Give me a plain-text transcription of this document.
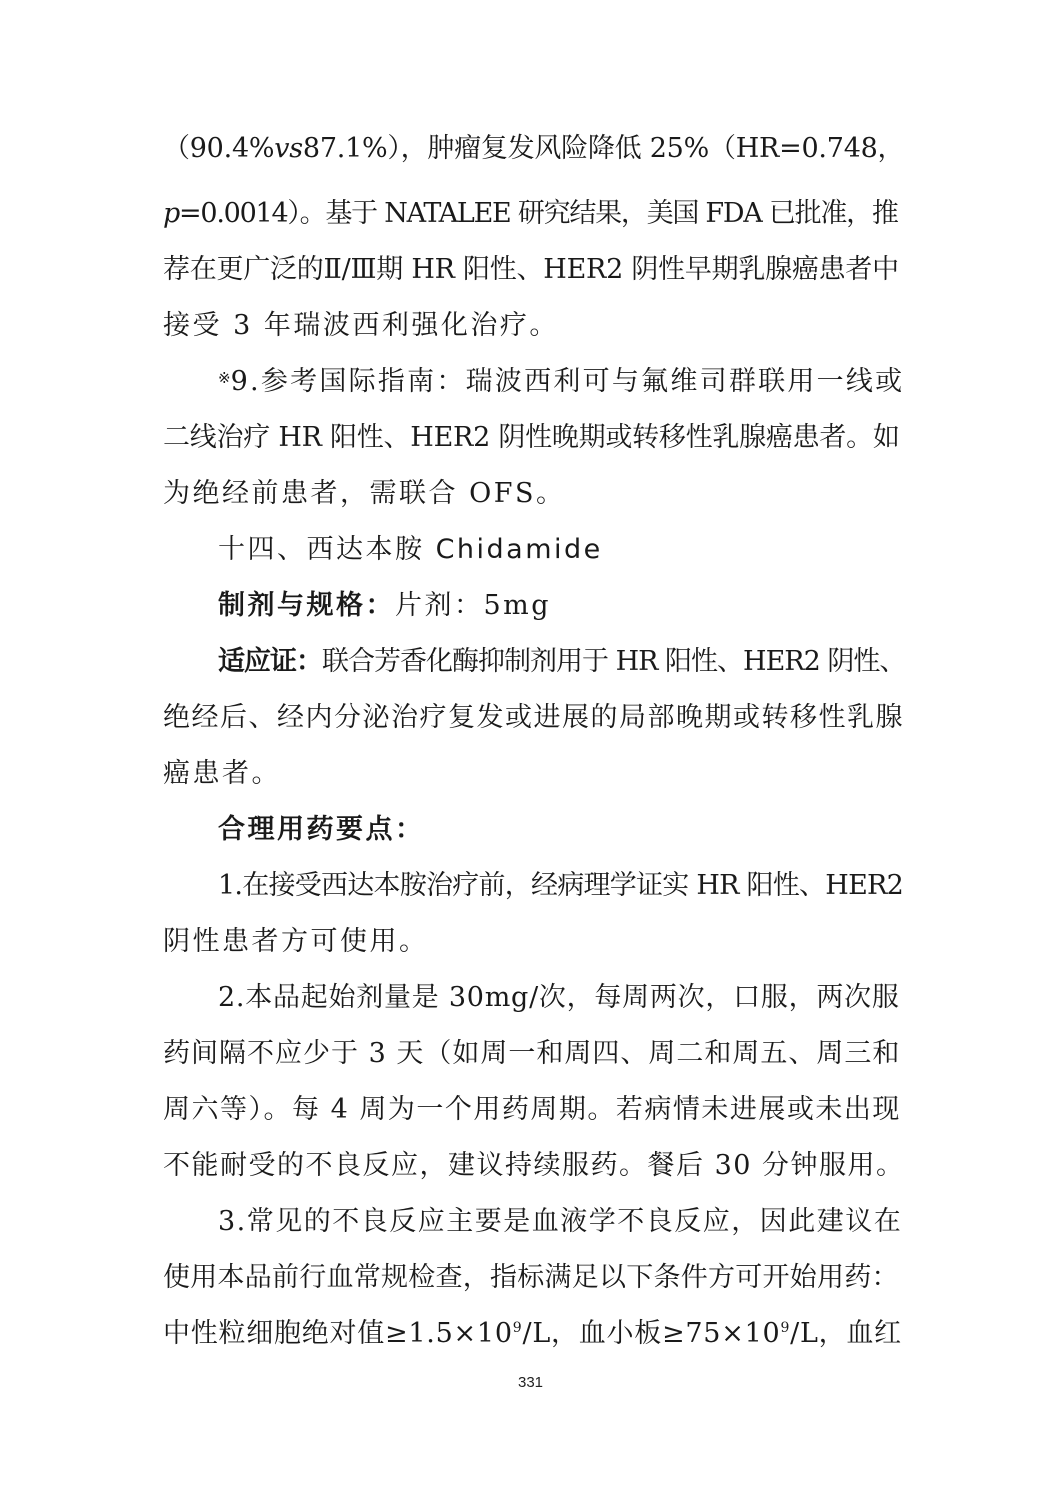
（90.4%vs87.1%），肿瘤复发风险降低 25%（HR=0.748，
p=0.0014）。基于 NATALEE 研究结果，美国 FDA 已批准，推
荐在更广泛的Ⅱ/Ⅲ期 HR 阳性、HER2 阴性早期乳腺癌患者中
接受 3 年瑞波西利强化治疗。
※9.参考国际指南：瑞波西利可与氟维司群联用一线或
二线治疗 HR 阳性、HER2 阴性晚期或转移性乳腺癌患者。如
为绝经前患者，需联合 OFS。
十四、西达本胺 Chidamide
制剂与规格：片剂：5mg
适应证：联合芳香化酶抑制剂用于 HR 阳性、HER2 阴性、
绝经后、经内分泌治疗复发或进展的局部晚期或转移性乳腺
癌患者。
合理用药要点：
1.在接受西达本胺治疗前，经病理学证实 HR 阳性、HER2
阴性患者方可使用。
2.本品起始剂量是 30mg/次，每周两次，口服，两次服
药间隔不应少于 3 天（如周一和周四、周二和周五、周三和
周六等）。每 4 周为一个用药周期。若病情未进展或未出现
不能耐受的不良反应，建议持续服药。餐后 30 分钟服用。
3.常见的不良反应主要是血液学不良反应，因此建议在
使用本品前行血常规检查，指标满足以下条件方可开始用药：
中性粒细胞绝对值$\ge 1.5\times 10^9/L$，血小板$\ge 75\times 10^9/L$，血红
331
